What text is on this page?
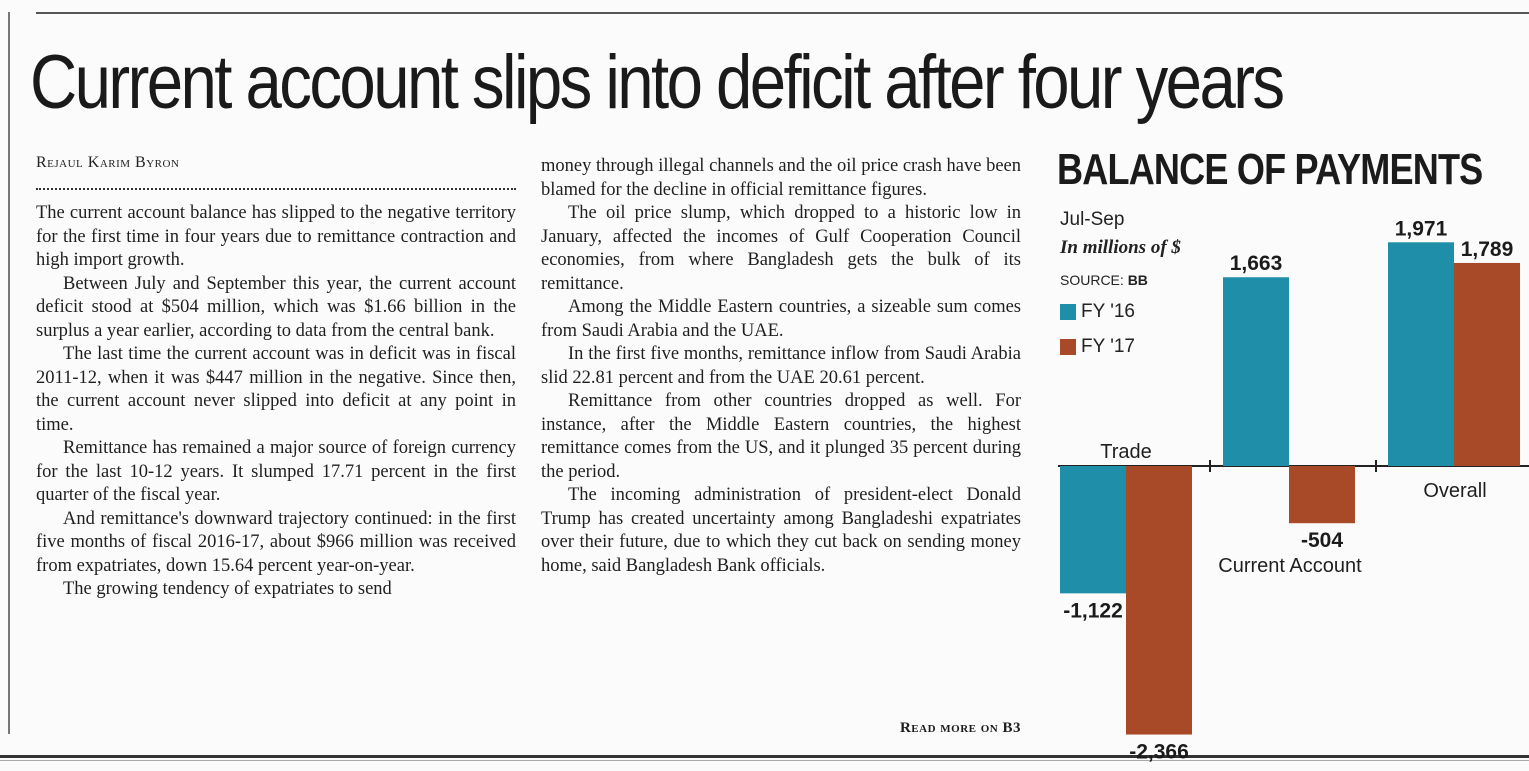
Current account slips into deficit after four years
Rejaul Karim Byron

The current account balance has slipped to the negative territory for the first time in four years due to remittance contraction and high import growth.

Between July and September this year, the current account deficit stood at $504 million, which was $1.66 billion in the surplus a year earlier, according to data from the central bank.

The last time the current account was in deficit was in fiscal 2011-12, when it was $447 million in the negative. Since then, the current account never slipped into deficit at any point in time.

Remittance has remained a major source of foreign currency for the last 10-12 years. It slumped 17.71 percent in the first quarter of the fiscal year.

And remittance's downward trajectory continued: in the first five months of fiscal 2016-17, about $966 million was received from expatriates, down 15.64 percent year-on-year.

The growing tendency of expatriates to send

money through illegal channels and the oil price crash have been blamed for the decline in official remittance figures.

The oil price slump, which dropped to a historic low in January, affected the incomes of Gulf Cooperation Council economies, from where Bangladesh gets the bulk of its remittance.

Among the Middle Eastern countries, a sizeable sum comes from Saudi Arabia and the UAE.

In the first five months, remittance inflow from Saudi Arabia slid 22.81 percent and from the UAE 20.61 percent.

Remittance from other countries dropped as well. For instance, after the Middle Eastern countries, the highest remittance comes from the US, and it plunged 35 percent during the period.

The incoming administration of president-elect Donald Trump has created uncertainty among Bangladeshi expatriates over their future, due to which they cut back on sending money home, said Bangladesh Bank officials.

Read more on B3
BALANCE OF PAYMENTS
Jul-Sep
In millions of $
SOURCE: BB
FY '16
FY '17
-1,122
1,663
1,971
-2,366
-504
1,789
Trade
Current Account
Overall
